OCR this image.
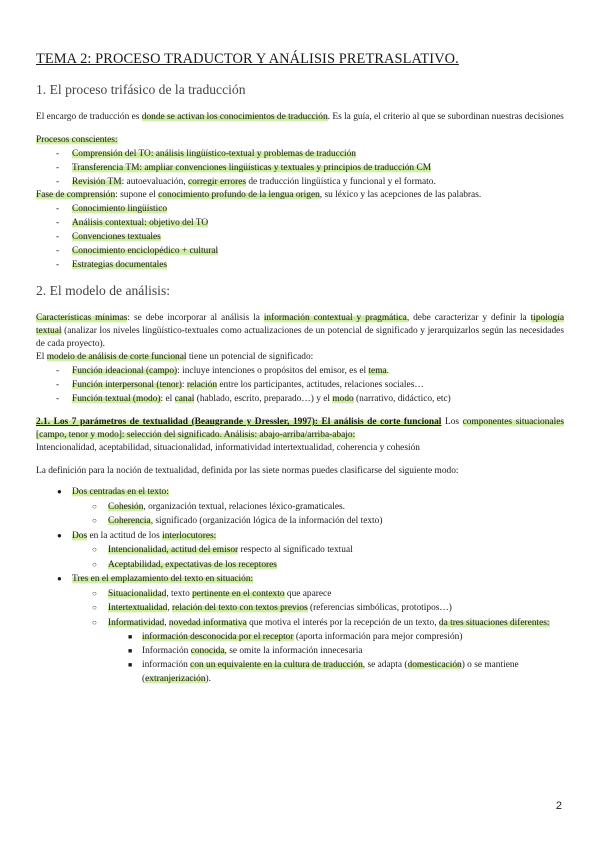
TEMA 2: PROCESO TRADUCTOR Y ANÁLISIS PRETRASLATIVO.
1. El proceso trifásico de la traducción

El encargo de traducción es donde se activan los conocimientos de traducción. Es la guía, el criterio al que se subordinan nuestras decisiones

Procesos conscientes:

- Comprensión del TO: análisis lingüístico-textual y problemas de traducción
- Transferencia TM: ampliar convenciones lingüísticas y textuales y principios de traducción CM
- Revisión TM: autoevaluación, corregir errores de traducción lingüística y funcional y el formato.

Fase de comprensión: supone el conocimiento profundo de la lengua origen, su léxico y las acepciones de las palabras.

- Conocimiento lingüístico
- Análisis contextual: objetivo del TO
- Convenciones textuales
- Conocimiento enciclopédico + cultural
- Estrategias documentales
2. El modelo de análisis:

Características mínimas: se debe incorporar al análisis la información contextual y pragmática, debe caracterizar y definir la tipología textual (analizar los niveles lingüístico-textuales como actualizaciones de un potencial de significado y jerarquizarlos según las necesidades de cada proyecto).

El modelo de análisis de corte funcional tiene un potencial de significado:

- Función ideacional (campo): incluye intenciones o propósitos del emisor, es el tema.
- Función interpersonal (tenor): relación entre los participantes, actitudes, relaciones sociales…
- Función textual (modo): el canal (hablado, escrito, preparado…) y el modo (narrativo, didáctico, etc)

2.1. Los 7 parámetros de textualidad (Beaugrande y Dressler, 1997): El análisis de corte funcional Los componentes situacionales [campo, tenor y modo]: selección del significado. Análisis: abajo-arriba/arriba-abajo:

Intencionalidad, aceptabilidad, situacionalidad, informatividad intertextualidad, coherencia y cohesión

La definición para la noción de textualidad, definida por las siete normas puedes clasificarse del siguiente modo:

● Dos centradas en el texto:
○ Cohesión, organización textual, relaciones léxico-gramaticales.
○ Coherencia, significado (organización lógica de la información del texto)
● Dos en la actitud de los interlocutores:
○ Intencionalidad, actitud del emisor respecto al significado textual
○ Aceptabilidad, expectativas de los receptores
● Tres en el emplazamiento del texto en situación:
○ Situacionalidad, texto pertinente en el contexto que aparece
○ Intertextualidad, relación del texto con textos previos (referencias simbólicas, prototipos…)
○ Informatividad, novedad informativa que motiva el interés por la recepción de un texto, da tres situaciones diferentes:
■ información desconocida por el receptor (aporta información para mejor compresión)
■ Información conocida, se omite la información innecesaria
■ información con un equivalente en la cultura de traducción, se adapta (domesticación) o se mantiene (extranjerización).
2
